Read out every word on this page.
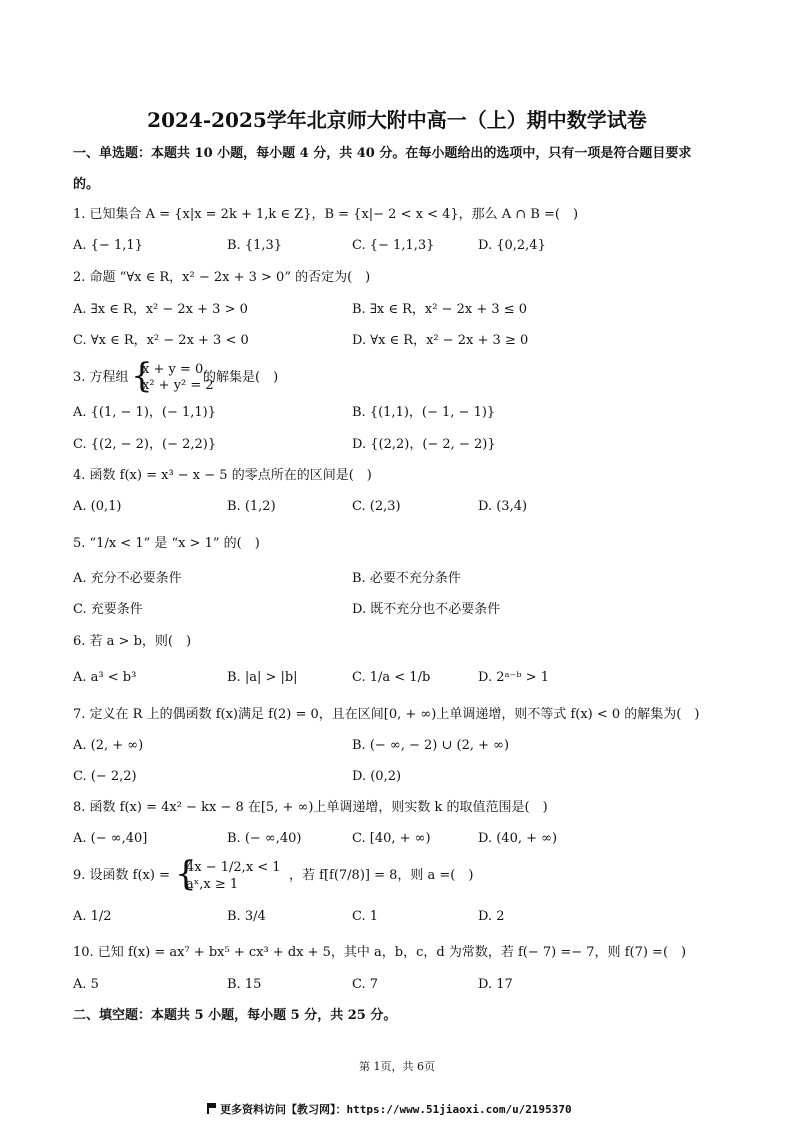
2024-2025学年北京师大附中高一（上）期中数学试卷
一、单选题：本题共 10 小题，每小题 4 分，共 40 分。在每小题给出的选项中，只有一项是符合题目要求
的。
1. 已知集合 A = {x|x = 2k + 1,k ∈ Z}，B = {x|− 2 < x < 4}，那么 A ∩ B =(　)
A. {− 1,1}	B. {1,3}	C. {− 1,1,3}	D. {0,2,4}
2. 命题 “∀x ∈ R，x² − 2x + 3 > 0” 的否定为(　)
A. ∃x ∈ R，x² − 2x + 3 > 0	B. ∃x ∈ R，x² − 2x + 3 ≤ 0
C. ∀x ∈ R，x² − 2x + 3 < 0	D. ∀x ∈ R，x² − 2x + 3 ≥ 0
3. 方程组 {
x + y = 0,
x² + y² = 2
的解集是(　)
A. {(1, − 1)，(− 1,1)}	B. {(1,1)，(− 1, − 1)}
C. {(2, − 2)，(− 2,2)}	D. {(2,2)，(− 2, − 2)}
4. 函数 f(x) = x³ − x − 5 的零点所在的区间是(　)
A. (0,1)	B. (1,2)	C. (2,3)	D. (3,4)
5. “1/x < 1” 是 “x > 1” 的(　)
A. 充分不必要条件	B. 必要不充分条件
C. 充要条件	D. 既不充分也不必要条件
6. 若 a > b，则(　)
A. a³ < b³	B. |a| > |b|	C. 1/a < 1/b	D. 2ᵃ⁻ᵇ > 1
7. 定义在 R 上的偶函数 f(x)满足 f(2) = 0，且在区间[0, + ∞)上单调递增，则不等式 f(x) < 0 的解集为(　)
A. (2, + ∞)	B. (− ∞, − 2) ∪ (2, + ∞)
C. (− 2,2)	D. (0,2)
8. 函数 f(x) = 4x² − kx − 8 在[5, + ∞)上单调递增，则实数 k 的取值范围是(　)
A. (− ∞,40]	B. (− ∞,40)	C. [40, + ∞)	D. (40, + ∞)
9. 设函数 f(x) = {
4x − 1/2,x < 1
aˣ,x ≥ 1
，若 f[f(7/8)] = 8，则 a =(　)
A. 1/2	B. 3/4	C. 1	D. 2
10. 已知 f(x) = ax⁷ + bx⁵ + cx³ + dx + 5，其中 a，b，c，d 为常数，若 f(− 7) =− 7，则 f(7) =(　)
A. 5	B. 15	C. 7	D. 17
二、填空题：本题共 5 小题，每小题 5 分，共 25 分。
第 1页，共 6页
更多资料访问【教习网】：https://www.51jiaoxi.com/u/2195370
